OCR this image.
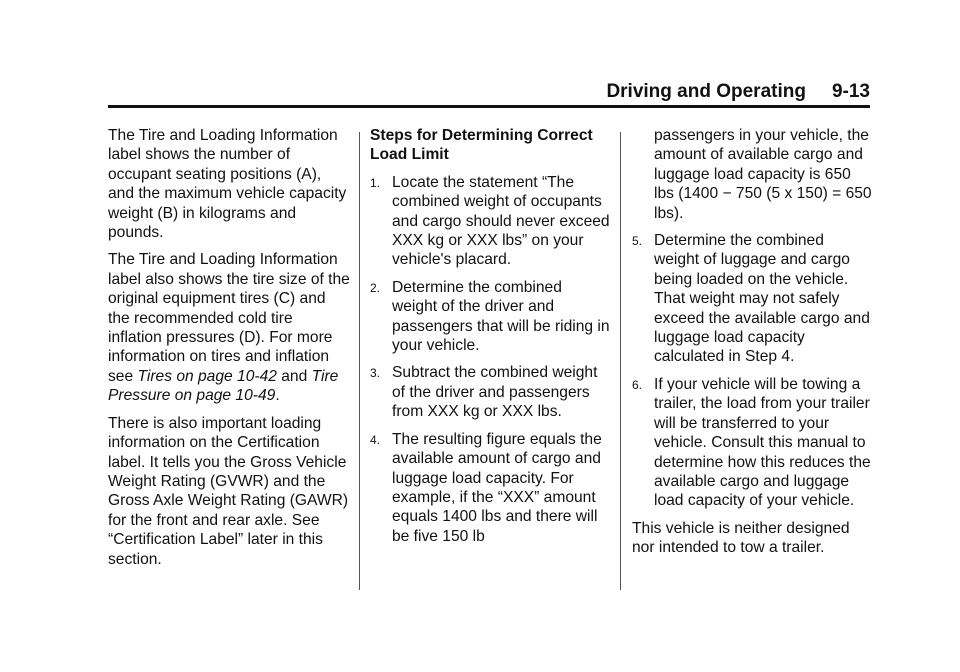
Driving and Operating 9-13

The Tire and Loading Information label shows the number of occupant seating positions (A), and the maximum vehicle capacity weight (B) in kilograms and pounds.

The Tire and Loading Information label also shows the tire size of the original equipment tires (C) and the recommended cold tire inflation pressures (D). For more information on tires and inflation see Tires on page 10-42 and Tire Pressure on page 10-49.

There is also important loading information on the Certification label. It tells you the Gross Vehicle Weight Rating (GVWR) and the Gross Axle Weight Rating (GAWR) for the front and rear axle. See “Certification Label” later in this section.

Steps for Determining Correct Load Limit
1. Locate the statement “The combined weight of occupants and cargo should never exceed XXX kg or XXX lbs” on your vehicle's placard.
2. Determine the combined weight of the driver and passengers that will be riding in your vehicle.
3. Subtract the combined weight of the driver and passengers from XXX kg or XXX lbs.
4. The resulting figure equals the available amount of cargo and luggage load capacity. For example, if the “XXX” amount equals 1400 lbs and there will be five 150 lb
passengers in your vehicle, the amount of available cargo and luggage load capacity is 650 lbs (1400 − 750 (5 x 150) = 650 lbs).
5. Determine the combined weight of luggage and cargo being loaded on the vehicle. That weight may not safely exceed the available cargo and luggage load capacity calculated in Step 4.
6. If your vehicle will be towing a trailer, the load from your trailer will be transferred to your vehicle. Consult this manual to determine how this reduces the available cargo and luggage load capacity of your vehicle.

This vehicle is neither designed nor intended to tow a trailer.
